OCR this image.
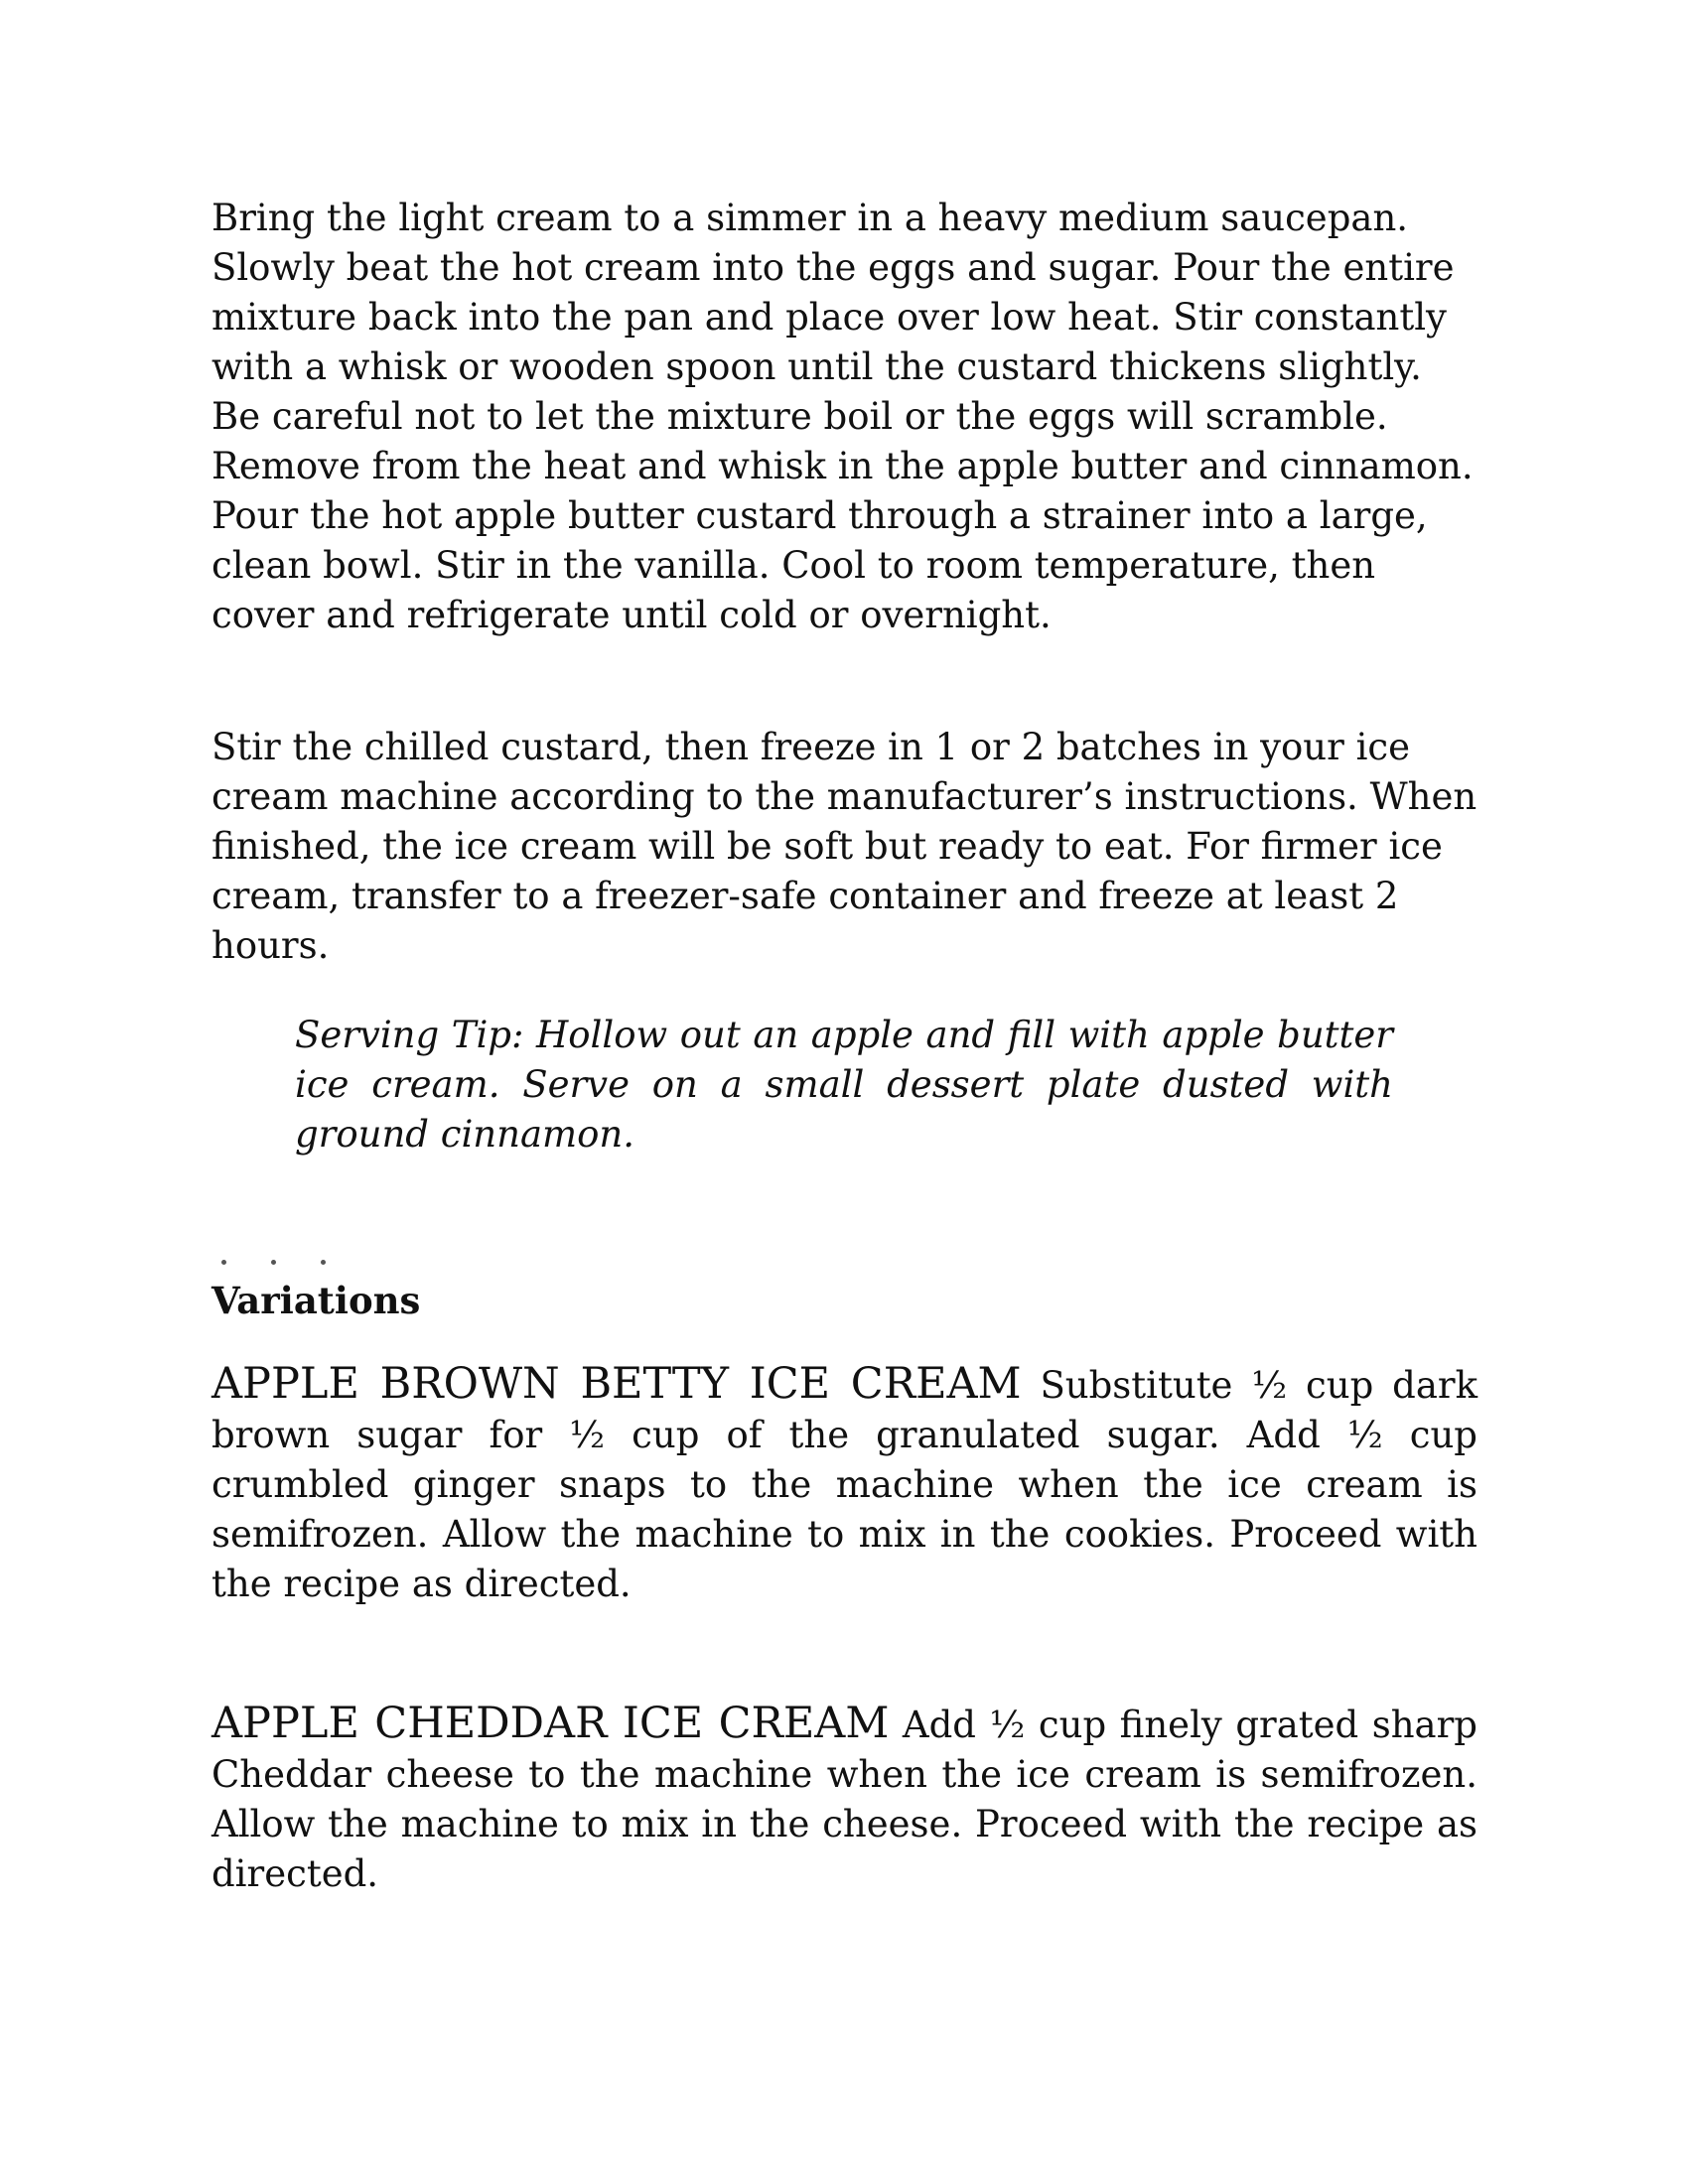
Bring the light cream to a simmer in a heavy medium saucepan. Slowly beat the hot cream into the eggs and sugar. Pour the entire mixture back into the pan and place over low heat. Stir constantly with a whisk or wooden spoon until the custard thickens slightly. Be careful not to let the mixture boil or the eggs will scramble. Remove from the heat and whisk in the apple butter and cinnamon. Pour the hot apple butter custard through a strainer into a large, clean bowl. Stir in the vanilla. Cool to room temperature, then cover and refrigerate until cold or overnight.

Stir the chilled custard, then freeze in 1 or 2 batches in your ice cream machine according to the manufacturer’s instructions. When finished, the ice cream will be soft but ready to eat. For firmer ice cream, transfer to a freezer-safe container and freeze at least 2 hours.

Serving Tip: Hollow out an apple and fill with apple butter ice cream. Serve on a small dessert plate dusted with ground cinnamon.

Variations

APPLE BROWN BETTY ICE CREAM Substitute ½ cup dark brown sugar for ½ cup of the granulated sugar. Add ½ cup crumbled ginger snaps to the machine when the ice cream is semifrozen. Allow the machine to mix in the cookies. Proceed with the recipe as directed.

APPLE CHEDDAR ICE CREAM Add ½ cup finely grated sharp Cheddar cheese to the machine when the ice cream is semifrozen. Allow the machine to mix in the cheese. Proceed with the recipe as directed.
